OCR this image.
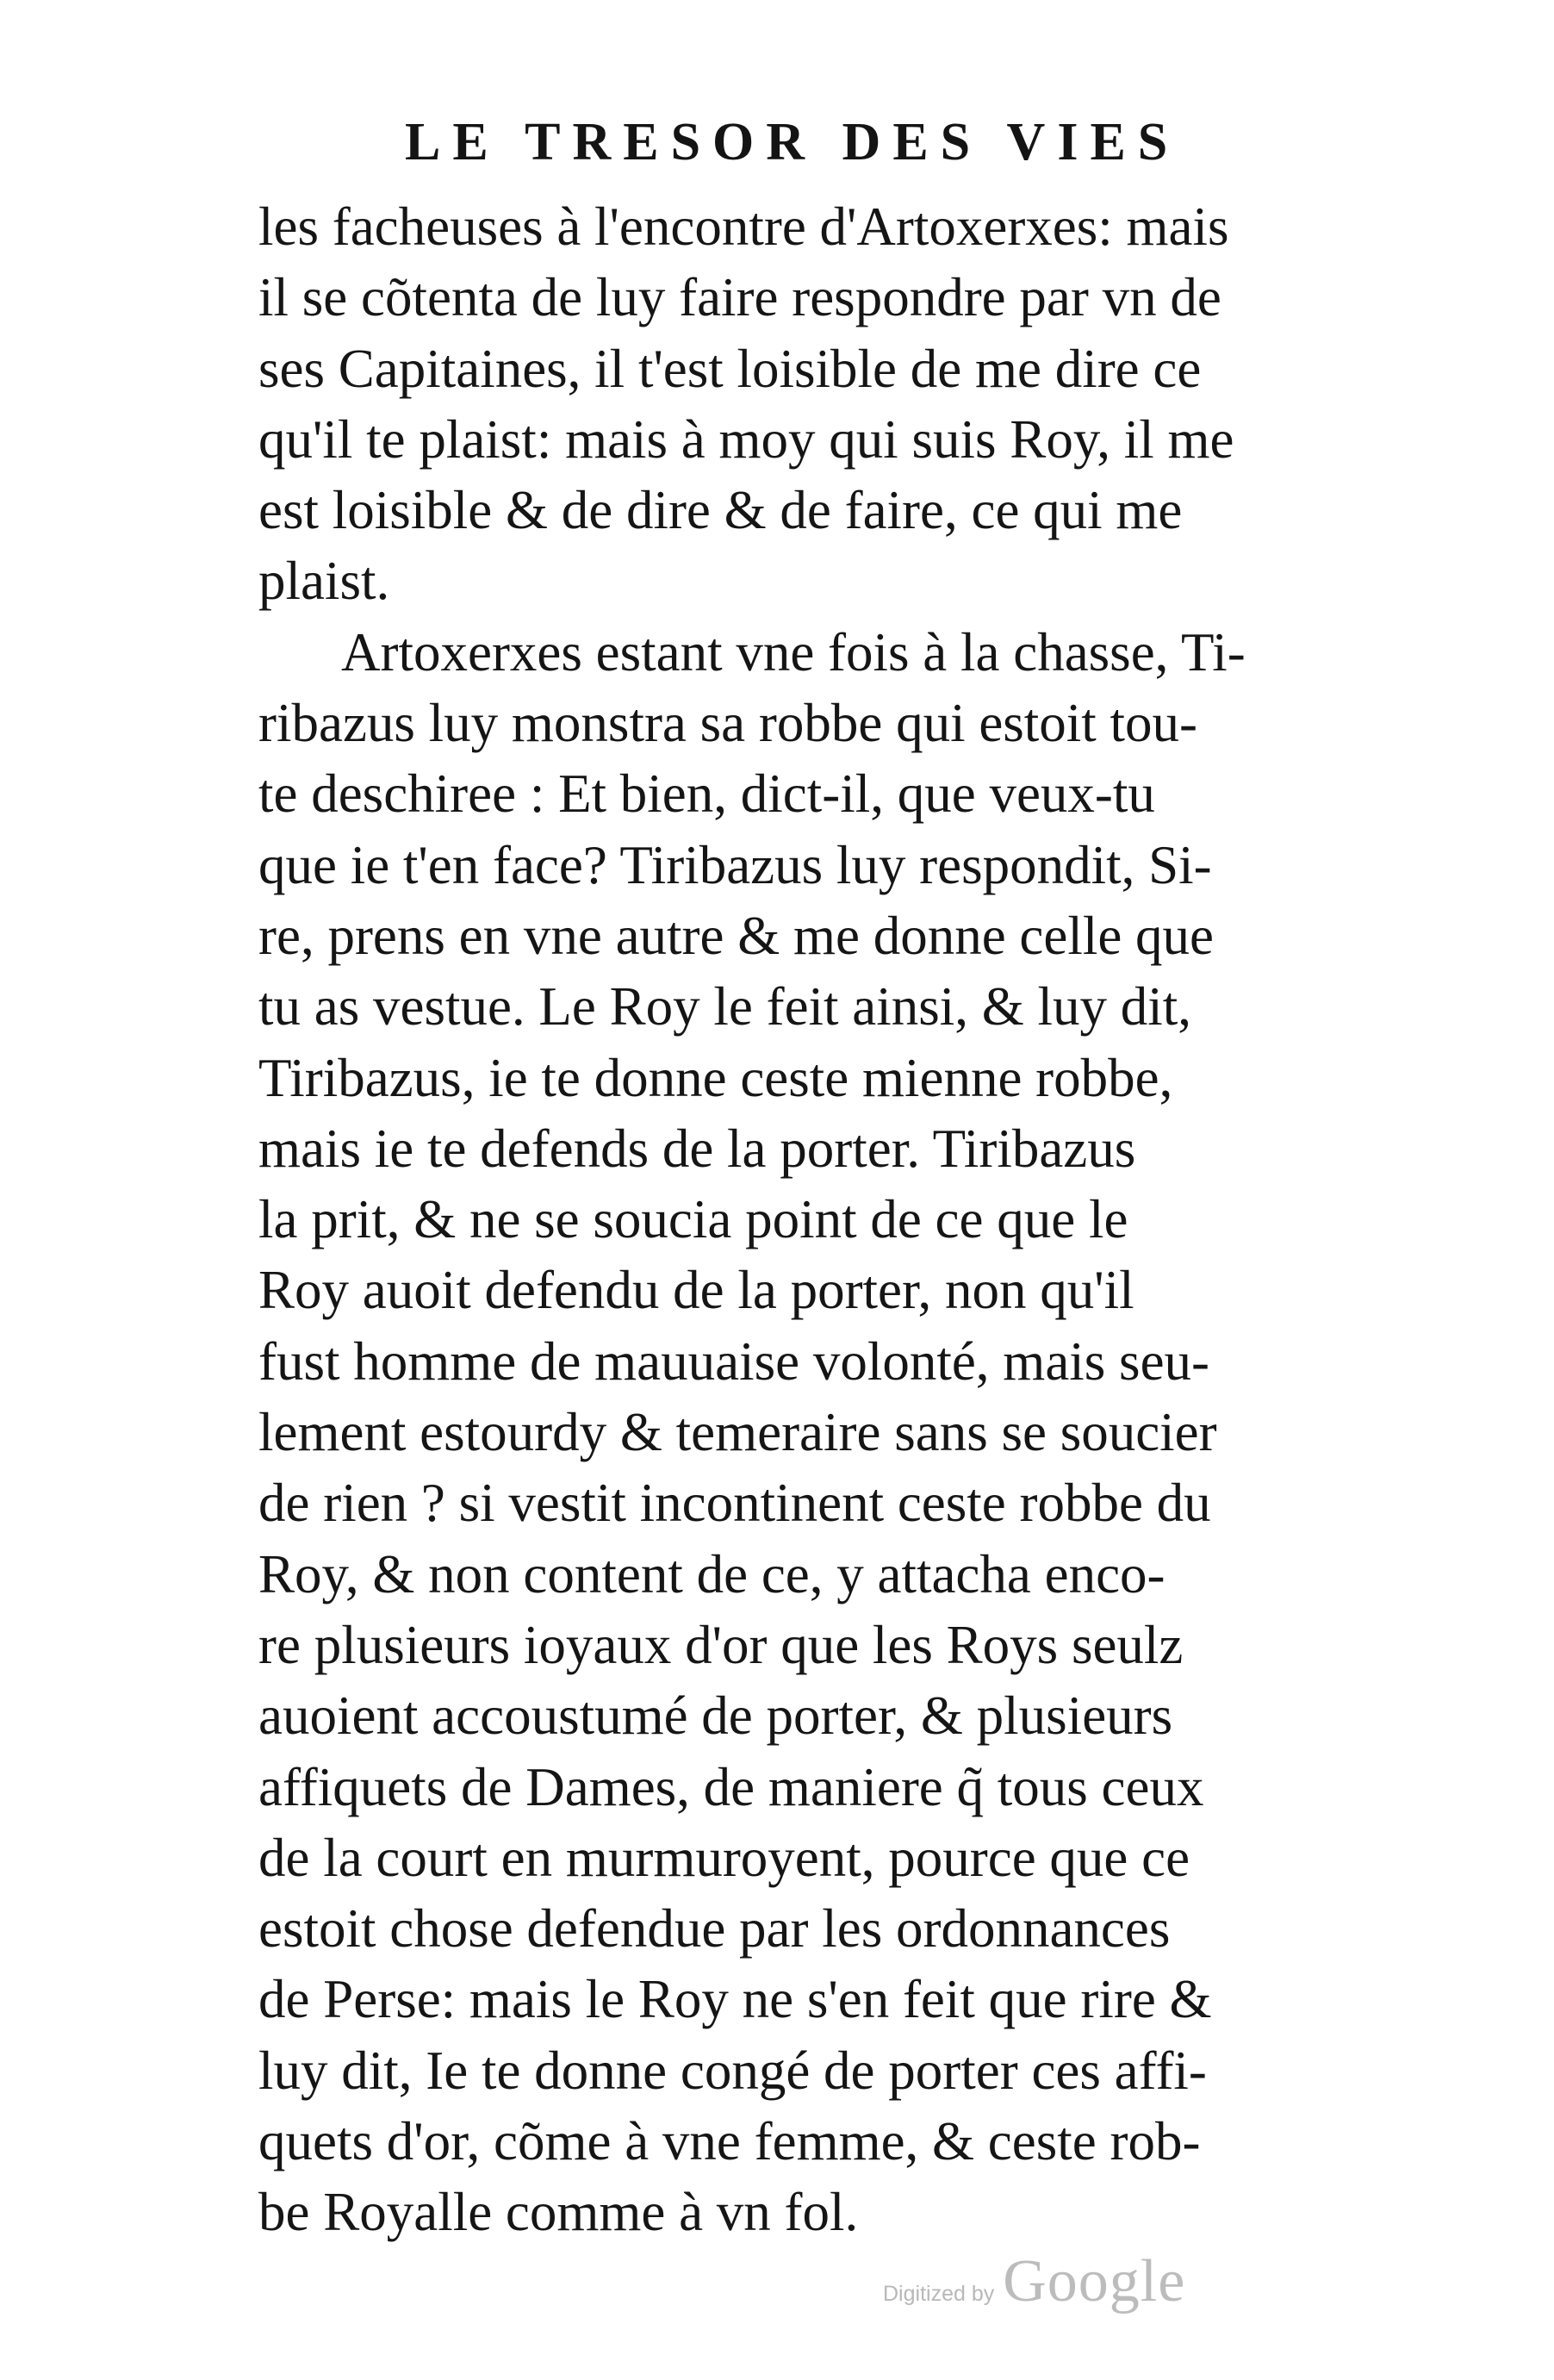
LE TRESOR DES VIES
les facheuses à l'encontre d'Artoxerxes: mais
il se cõtenta de luy faire respondre par vn de
ses Capitaines, il t'est loisible de me dire ce
qu'il te plaist: mais à moy qui suis Roy, il me
est loisible & de dire & de faire, ce qui me
plaist.
Artoxerxes estant vne fois à la chasse, Ti-
ribazus luy monstra sa robbe qui estoit tou-
te deschiree : Et bien, dict-il, que veux-tu
que ie t'en face? Tiribazus luy respondit, Si-
re, prens en vne autre & me donne celle que
tu as vestue. Le Roy le feit ainsi, & luy dit,
Tiribazus, ie te donne ceste mienne robbe,
mais ie te defends de la porter. Tiribazus
la prit, & ne se soucia point de ce que le
Roy auoit defendu de la porter, non qu'il
fust homme de mauuaise volonté, mais seu-
lement estourdy & temeraire sans se soucier
de rien ? si vestit incontinent ceste robbe du
Roy, & non content de ce, y attacha enco-
re plusieurs ioyaux d'or que les Roys seulz
auoient accoustumé de porter, & plusieurs
affiquets de Dames, de maniere q̃ tous ceux
de la court en murmuroyent, pource que ce
estoit chose defendue par les ordonnances
de Perse: mais le Roy ne s'en feit que rire &
luy dit, Ie te donne congé de porter ces affi-
quets d'or, cõme à vne femme, & ceste rob-
be Royalle comme à vn fol.
Digitized by Google
